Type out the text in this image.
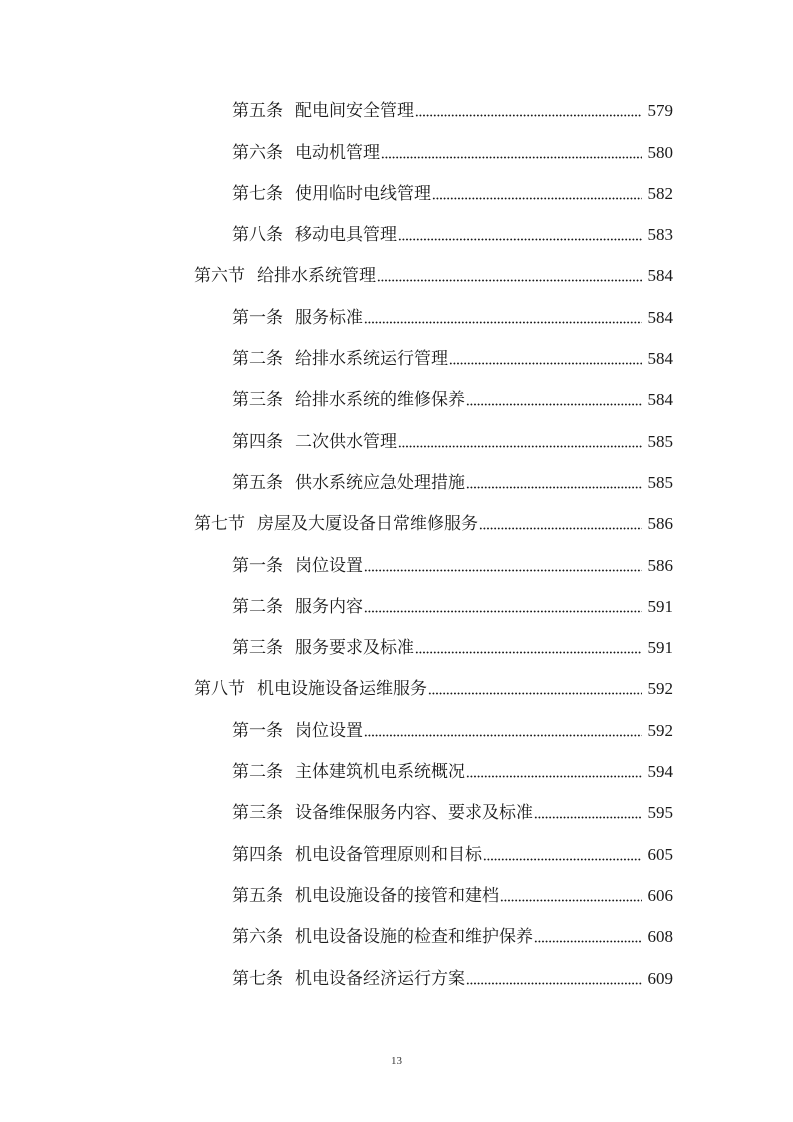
第五条 配电间安全管理	579
第六条 电动机管理	580
第七条 使用临时电线管理	582
第八条 移动电具管理	583
第六节 给排水系统管理	584
第一条 服务标准	584
第二条 给排水系统运行管理	584
第三条 给排水系统的维修保养	584
第四条 二次供水管理	585
第五条 供水系统应急处理措施	585
第七节 房屋及大厦设备日常维修服务	586
第一条 岗位设置	586
第二条 服务内容	591
第三条 服务要求及标准	591
第八节 机电设施设备运维服务	592
第一条 岗位设置	592
第二条 主体建筑机电系统概况	594
第三条 设备维保服务内容、要求及标准	595
第四条 机电设备管理原则和目标	605
第五条 机电设施设备的接管和建档	606
第六条 机电设备设施的检查和维护保养	608
第七条 机电设备经济运行方案	609
13
